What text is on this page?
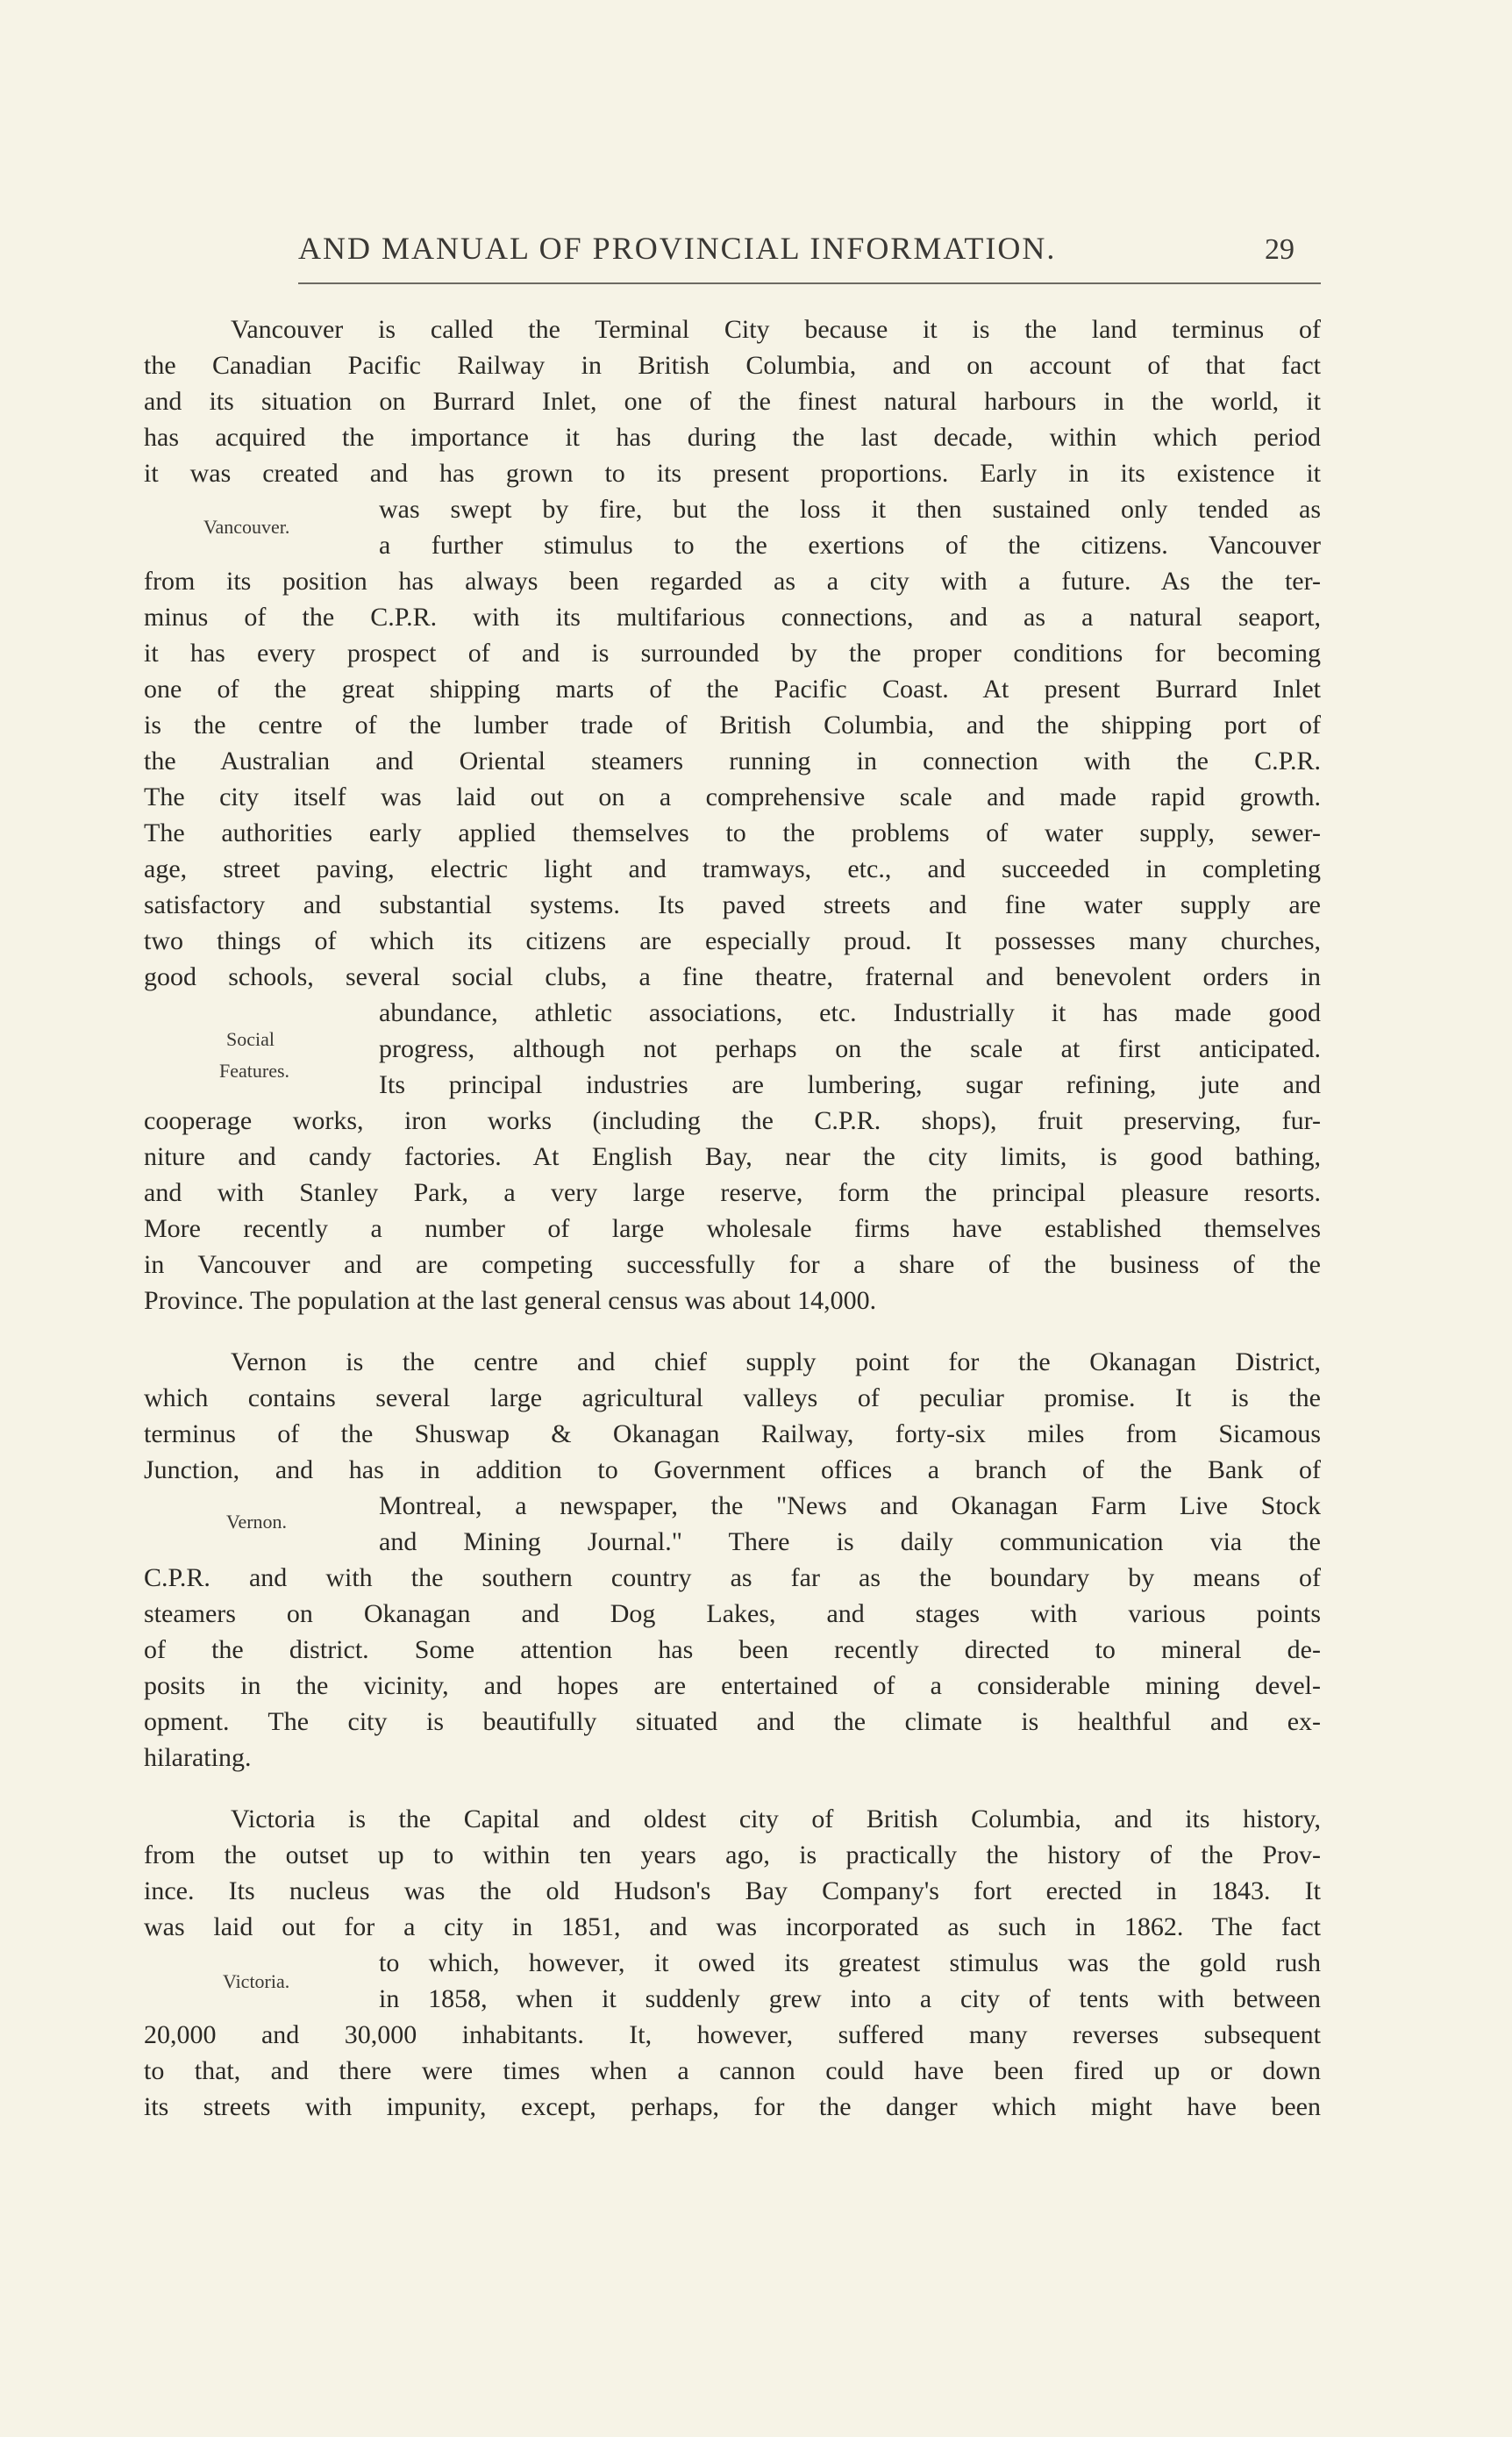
AND MANUAL OF PROVINCIAL INFORMATION.	29
Vancouver is called the Terminal City because it is the land terminus of
the Canadian Pacific Railway in British Columbia, and on account of that fact
and its situation on Burrard Inlet, one of the finest natural harbours in the world, it
has acquired the importance it has during the last decade, within which period
it was created and has grown to its present proportions. Early in its existence it
was swept by fire, but the loss it then sustained only tended as
a further stimulus to the exertions of the citizens. Vancouver
from its position has always been regarded as a city with a future. As the ter-
minus of the C.P.R. with its multifarious connections, and as a natural seaport,
it has every prospect of and is surrounded by the proper conditions for becoming
one of the great shipping marts of the Pacific Coast. At present Burrard Inlet
is the centre of the lumber trade of British Columbia, and the shipping port of
the Australian and Oriental steamers running in connection with the C.P.R.
The city itself was laid out on a comprehensive scale and made rapid growth.
The authorities early applied themselves to the problems of water supply, sewer-
age, street paving, electric light and tramways, etc., and succeeded in completing
satisfactory and substantial systems. Its paved streets and fine water supply are
two things of which its citizens are especially proud. It possesses many churches,
good schools, several social clubs, a fine theatre, fraternal and benevolent orders in
Vancouver.
abundance, athletic associations, etc. Industrially it has made good
progress, although not perhaps on the scale at first anticipated.
Its principal industries are lumbering, sugar refining, jute and
cooperage works, iron works (including the C.P.R. shops), fruit preserving, fur-
niture and candy factories. At English Bay, near the city limits, is good bathing,
and with Stanley Park, a very large reserve, form the principal pleasure resorts.
More recently a number of large wholesale firms have established themselves
in Vancouver and are competing successfully for a share of the business of the
Province. The population at the last general census was about 14,000.
Social
Features.
Vernon is the centre and chief supply point for the Okanagan District,
which contains several large agricultural valleys of peculiar promise. It is the
terminus of the Shuswap & Okanagan Railway, forty-six miles from Sicamous
Junction, and has in addition to Government offices a branch of the Bank of
Montreal, a newspaper, the "News and Okanagan Farm Live Stock
and Mining Journal." There is daily communication via the
C.P.R. and with the southern country as far as the boundary by means of
steamers on Okanagan and Dog Lakes, and stages with various points
of the district. Some attention has been recently directed to mineral de-
posits in the vicinity, and hopes are entertained of a considerable mining devel-
opment. The city is beautifully situated and the climate is healthful and ex-
hilarating.
Vernon.
Victoria is the Capital and oldest city of British Columbia, and its history,
from the outset up to within ten years ago, is practically the history of the Prov-
ince. Its nucleus was the old Hudson's Bay Company's fort erected in 1843. It
was laid out for a city in 1851, and was incorporated as such in 1862. The fact
to which, however, it owed its greatest stimulus was the gold rush
in 1858, when it suddenly grew into a city of tents with between
20,000 and 30,000 inhabitants. It, however, suffered many reverses subsequent
to that, and there were times when a cannon could have been fired up or down
its streets with impunity, except, perhaps, for the danger which might have been
Victoria.
